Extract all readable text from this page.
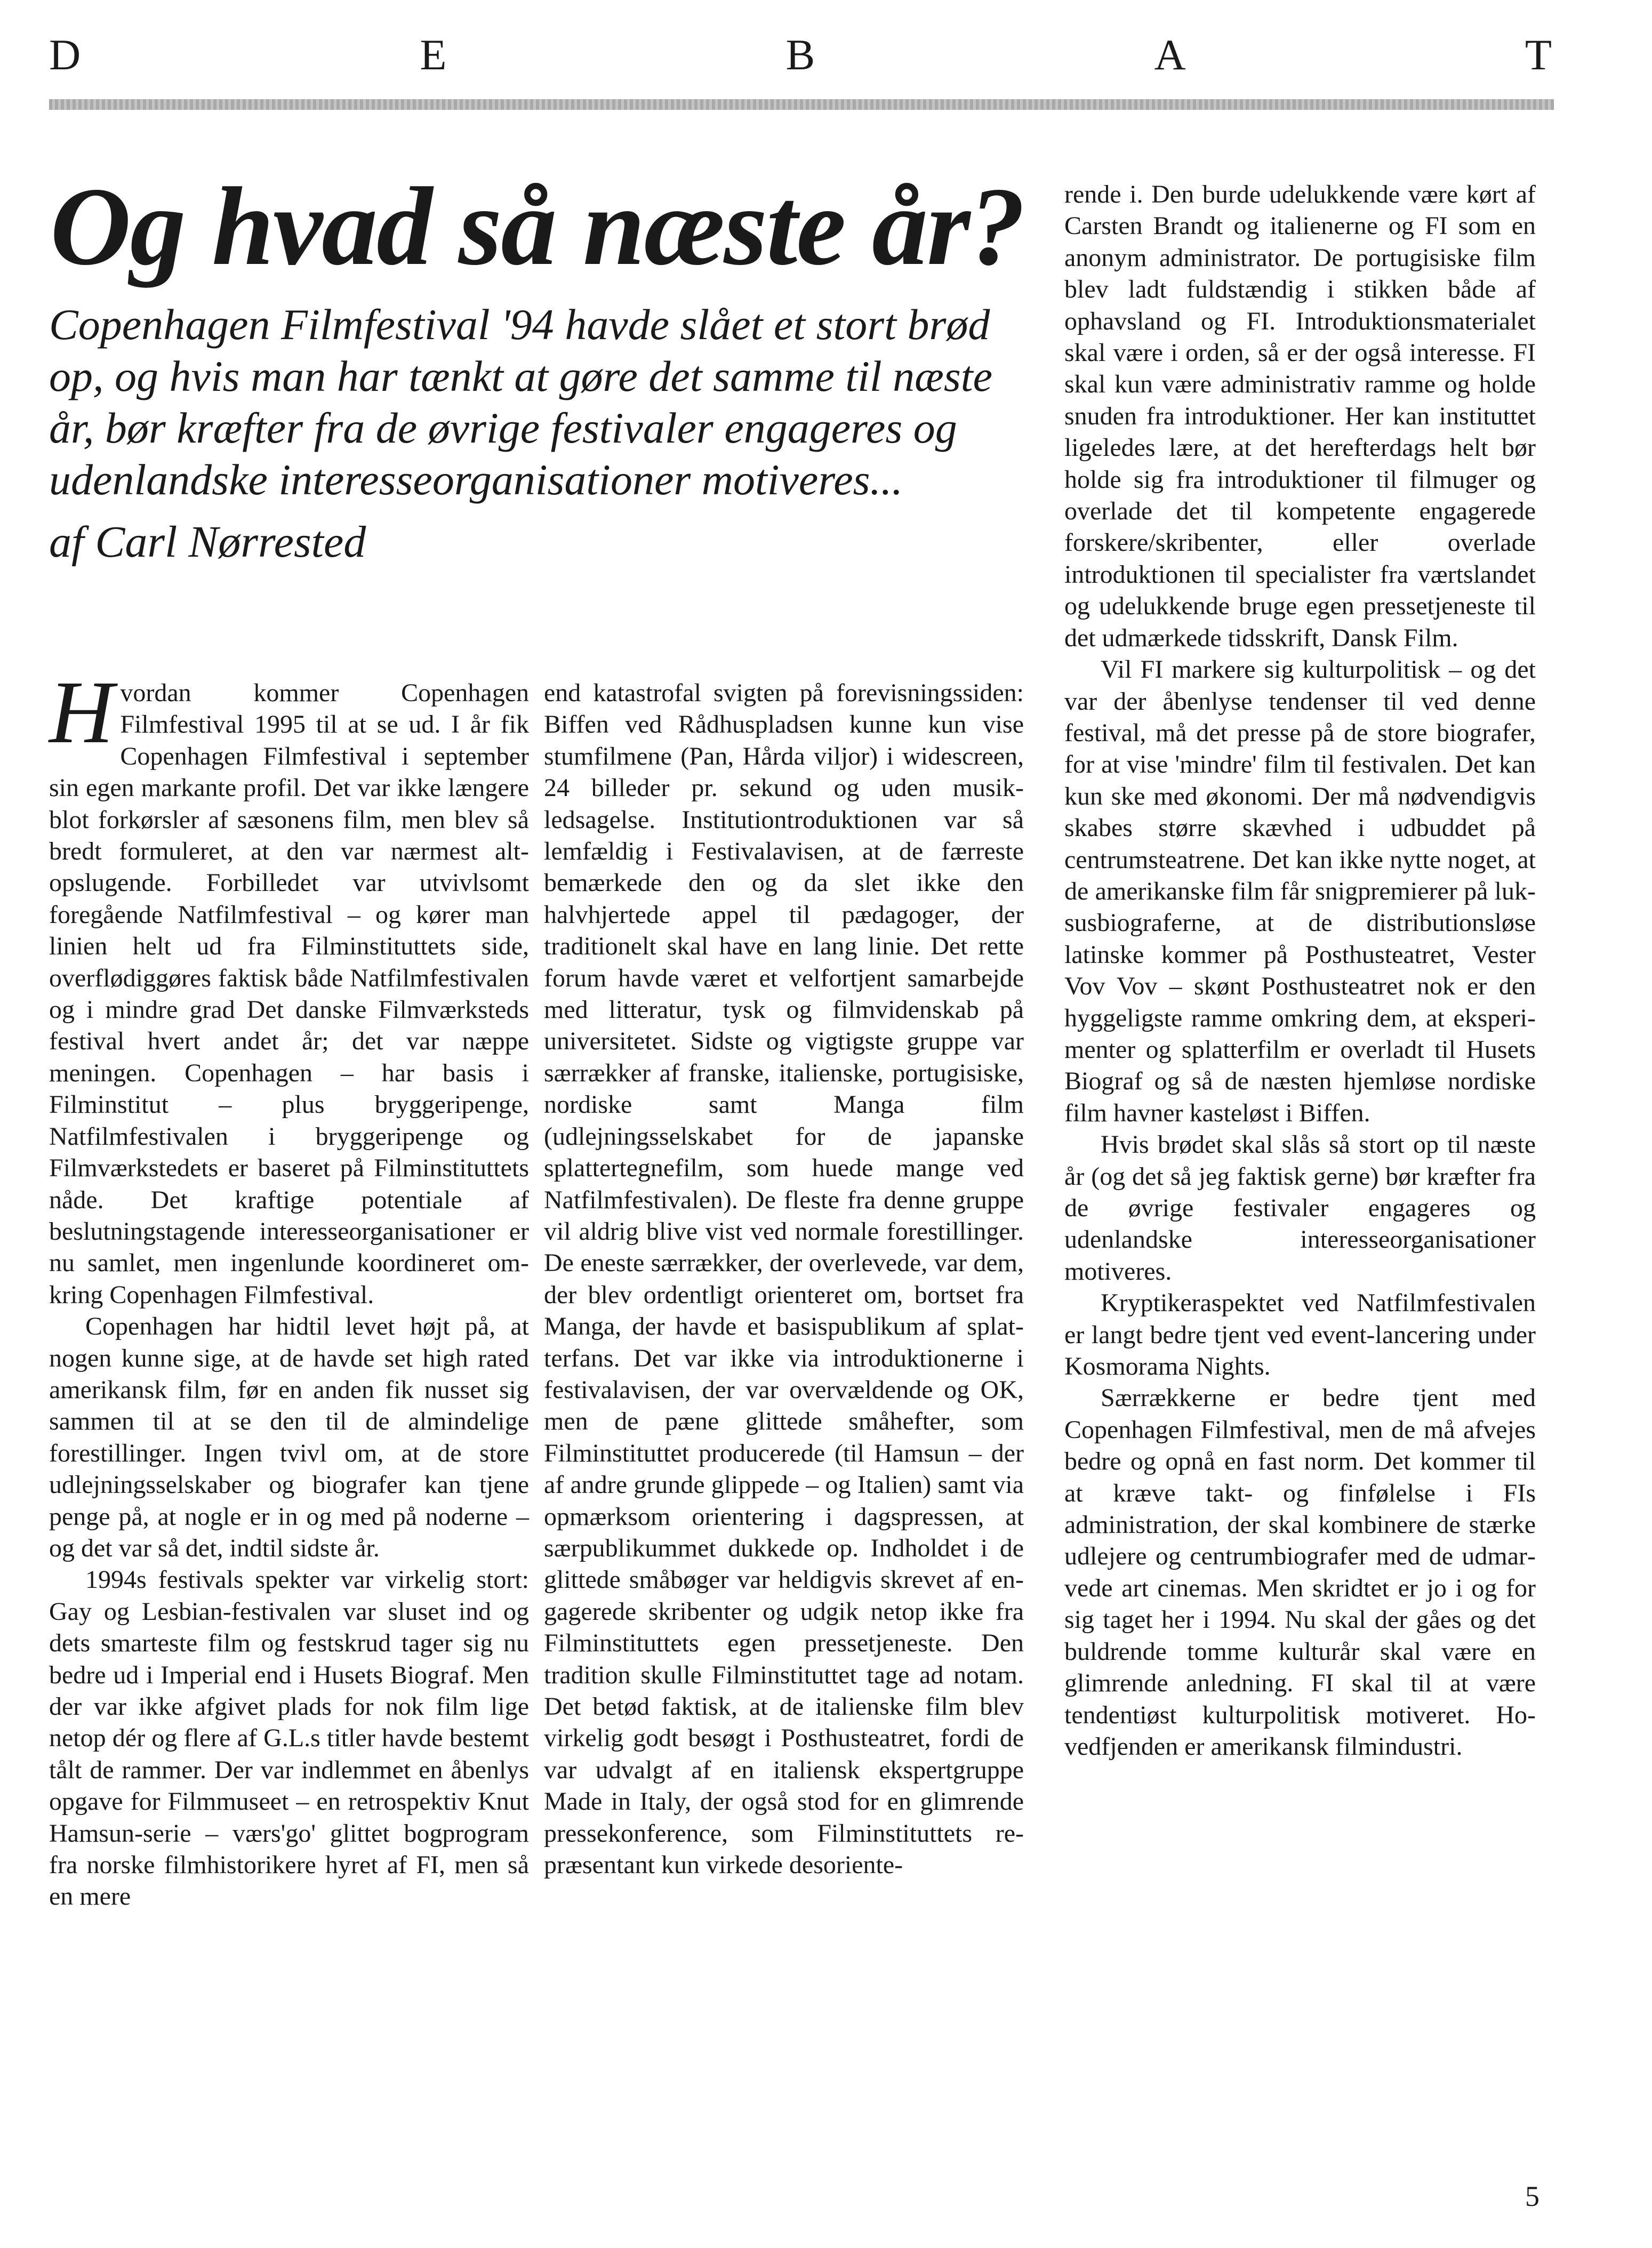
D	E	B	A	T
Og hvad så næste år?

Copenhagen Filmfestival '94 havde slået et stort brød op, og hvis man har tænkt at gøre det samme til næste år, bør kræfter fra de øvrige festivaler engageres og udenlandske interesseorganisationer motiveres...

af Carl Nørrested

Hvordan kommer Copenhagen Filmfestival 1995 til at se ud. I år fik Copenhagen Filmfestival i september sin egen markante profil. Det var ikke længere blot forkørsler af sæsonens film, men blev så bredt formuleret, at den var nærmest altopslugende. Forbilledet var utvivlsomt foregående Natfilmfestival – og kører man linien helt ud fra Filminstituttets side, overflødiggøres faktisk både Natfilmfestivalen og i mindre grad Det danske Filmværksteds festival hvert andet år; det var næppe meningen. Copenhagen – har basis i Filminstitut – plus bryggeripenge, Natfilmfestivalen i bryggeripenge og Filmværkstedets er baseret på Filminstituttets nåde. Det kraftige potentiale af beslutningstagende interesseorganisationer er nu samlet, men ingenlunde koordineret omkring Copenhagen Filmfestival.

Copenhagen har hidtil levet højt på, at nogen kunne sige, at de havde set high rated amerikansk film, før en anden fik nusset sig sammen til at se den til de almindelige forestillinger. Ingen tvivl om, at de store udlejningsselskaber og biografer kan tjene penge på, at nogle er in og med på noderne – og det var så det, indtil sidste år.

1994s festivals spekter var virkelig stort: Gay og Lesbian-festivalen var sluset ind og dets smarteste film og festskrud tager sig nu bedre ud i Imperial end i Husets Biograf. Men der var ikke afgivet plads for nok film lige netop dér og flere af G.L.s titler havde bestemt tålt de rammer. Der var indlemmet en åbenlys opgave for Filmmuseet – en retrospektiv Knut Hamsun-serie – værs'go' glittet bogprogram fra norske filmhistorikere hyret af FI, men så en mere

end katastrofal svigten på forevisningssiden: Biffen ved Rådhuspladsen kunne kun vise stumfilmene (Pan, Hårda viljor) i widescreen, 24 billeder pr. sekund og uden musikledsagelse. Institutiontroduktionen var så lemfældig i Festivalavisen, at de færreste bemærkede den og da slet ikke den halvhjertede appel til pædagoger, der traditionelt skal have en lang linie. Det rette forum havde været et velfortjent samarbejde med litteratur, tysk og filmvidenskab på universitetet. Sidste og vigtigste gruppe var særrækker af franske, italienske, portugisiske, nordiske samt Manga film (udlejningsselskabet for de japanske splattertegnefilm, som huede mange ved Natfilmfestivalen). De fleste fra denne gruppe vil aldrig blive vist ved normale forestillinger. De eneste særrækker, der overlevede, var dem, der blev ordentligt orienteret om, bortset fra Manga, der havde et basispublikum af splatterfans. Det var ikke via introduktionerne i festivalavisen, der var overvældende og OK, men de pæne glittede småhefter, som Filminstituttet producerede (til Hamsun – der af andre grunde glippede – og Italien) samt via opmærksom orientering i dagspressen, at særpublikummet dukkede op. Indholdet i de glittede småbøger var heldigvis skrevet af engagerede skribenter og udgik netop ikke fra Filminstituttets egen pressetjeneste. Den tradition skulle Filminstituttet tage ad notam. Det betød faktisk, at de italienske film blev virkelig godt besøgt i Posthusteatret, fordi de var udvalgt af en italiensk ekspertgruppe Made in Italy, der også stod for en glimrende pressekonference, som Filminstituttets repræsentant kun virkede desoriente-

rende i. Den burde udelukkende være kørt af Carsten Brandt og italienerne og FI som en anonym administrator. De portugisiske film blev ladt fuldstændig i stikken både af ophavsland og FI. Introduktionsmaterialet skal være i orden, så er der også interesse. FI skal kun være administrativ ramme og holde snuden fra introduktioner. Her kan instituttet ligeledes lære, at det herefterdags helt bør holde sig fra introduktioner til filmuger og overlade det til kompetente engagerede forskere/skribenter, eller overlade introduktionen til specialister fra værtslandet og udelukkende bruge egen pressetjeneste til det udmærkede tidsskrift, Dansk Film.

Vil FI markere sig kulturpolitisk – og det var der åbenlyse tendenser til ved denne festival, må det presse på de store biografer, for at vise 'mindre' film til festivalen. Det kan kun ske med økonomi. Der må nødvendigvis skabes større skævhed i udbuddet på centrumsteatrene. Det kan ikke nytte noget, at de amerikanske film får snigpremierer på luksusbiograferne, at de distributionsløse latinske kommer på Posthusteatret, Vester Vov Vov – skønt Posthusteatret nok er den hyggeligste ramme omkring dem, at eksperimenter og splatterfilm er overladt til Husets Biograf og så de næsten hjemløse nordiske film havner kasteløst i Biffen.

Hvis brødet skal slås så stort op til næste år (og det så jeg faktisk gerne) bør kræfter fra de øvrige festivaler engageres og udenlandske interesseorganisationer motiveres.

Kryptikeraspektet ved Natfilmfestivalen er langt bedre tjent ved event-lancering under Kosmorama Nights.

Særrækkerne er bedre tjent med Copenhagen Filmfestival, men de må afvejes bedre og opnå en fast norm. Det kommer til at kræve takt- og finfølelse i FIs administration, der skal kombinere de stærke udlejere og centrumbiografer med de udmarvede art cinemas. Men skridtet er jo i og for sig taget her i 1994. Nu skal der gåes og det buldrende tomme kulturår skal være en glimrende anledning. FI skal til at være tendentiøst kulturpolitisk motiveret. Hovedfjenden er amerikansk filmindustri.

5
